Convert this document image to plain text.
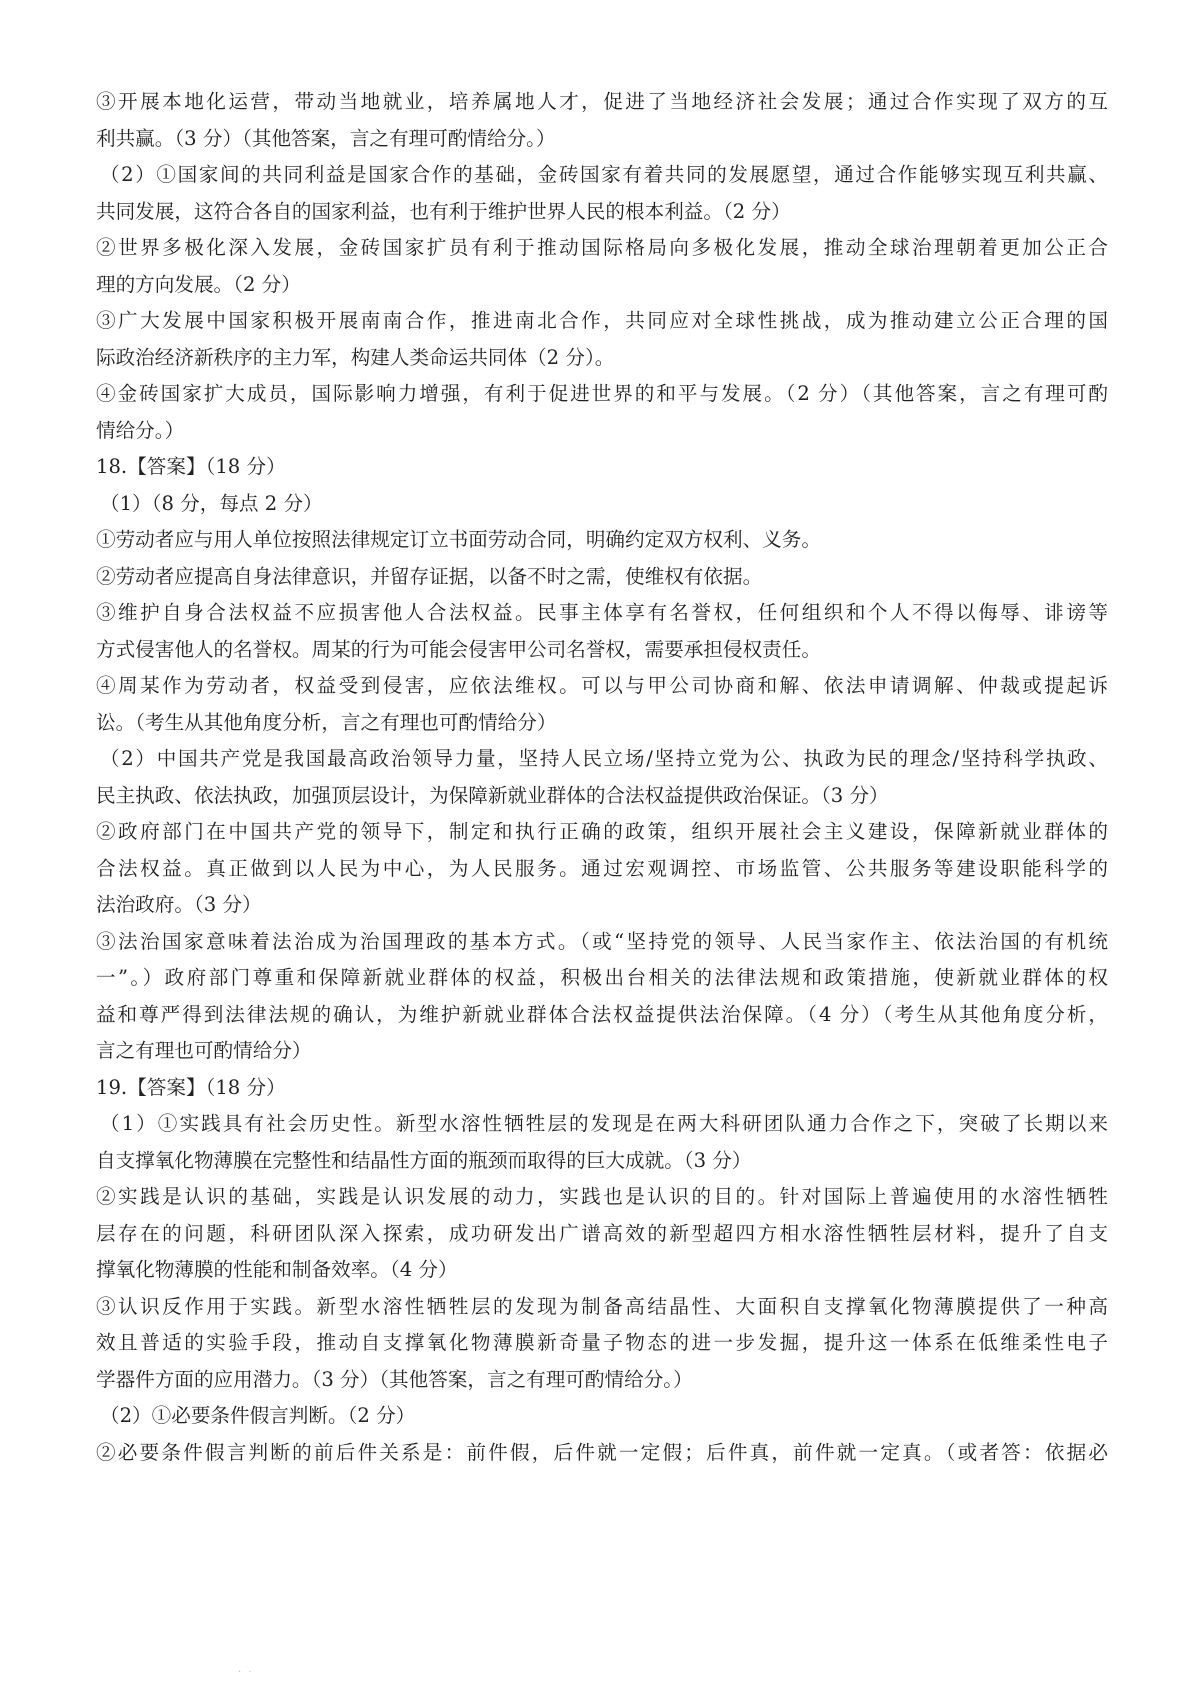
③开展本地化运营，带动当地就业，培养属地人才，促进了当地经济社会发展；通过合作实现了双方的互
利共赢。（3 分）（其他答案，言之有理可酌情给分。）
（2）①国家间的共同利益是国家合作的基础，金砖国家有着共同的发展愿望，通过合作能够实现互利共赢、
共同发展，这符合各自的国家利益，也有利于维护世界人民的根本利益。（2 分）
②世界多极化深入发展，金砖国家扩员有利于推动国际格局向多极化发展，推动全球治理朝着更加公正合
理的方向发展。（2 分）
③广大发展中国家积极开展南南合作，推进南北合作，共同应对全球性挑战，成为推动建立公正合理的国
际政治经济新秩序的主力军，构建人类命运共同体（2 分）。
④金砖国家扩大成员，国际影响力增强，有利于促进世界的和平与发展。（2 分）（其他答案，言之有理可酌
情给分。）
18.【答案】（18 分）
（1）（8 分，每点 2 分）
①劳动者应与用人单位按照法律规定订立书面劳动合同，明确约定双方权利、义务。
②劳动者应提高自身法律意识，并留存证据，以备不时之需，使维权有依据。
③维护自身合法权益不应损害他人合法权益。民事主体享有名誉权，任何组织和个人不得以侮辱、诽谤等
方式侵害他人的名誉权。周某的行为可能会侵害甲公司名誉权，需要承担侵权责任。
④周某作为劳动者，权益受到侵害，应依法维权。可以与甲公司协商和解、依法申请调解、仲裁或提起诉
讼。（考生从其他角度分析，言之有理也可酌情给分）
（2）中国共产党是我国最高政治领导力量，坚持人民立场/坚持立党为公、执政为民的理念/坚持科学执政、
民主执政、依法执政，加强顶层设计，为保障新就业群体的合法权益提供政治保证。（3 分）
②政府部门在中国共产党的领导下，制定和执行正确的政策，组织开展社会主义建设，保障新就业群体的
合法权益。真正做到以人民为中心，为人民服务。通过宏观调控、市场监管、公共服务等建设职能科学的
法治政府。（3 分）
③法治国家意味着法治成为治国理政的基本方式。（或“坚持党的领导、人民当家作主、依法治国的有机统
一”。）政府部门尊重和保障新就业群体的权益，积极出台相关的法律法规和政策措施，使新就业群体的权
益和尊严得到法律法规的确认，为维护新就业群体合法权益提供法治保障。（4 分）（考生从其他角度分析，
言之有理也可酌情给分）
19.【答案】（18 分）
（1）①实践具有社会历史性。新型水溶性牺牲层的发现是在两大科研团队通力合作之下，突破了长期以来
自支撑氧化物薄膜在完整性和结晶性方面的瓶颈而取得的巨大成就。（3 分）
②实践是认识的基础，实践是认识发展的动力，实践也是认识的目的。针对国际上普遍使用的水溶性牺牲
层存在的问题，科研团队深入探索，成功研发出广谱高效的新型超四方相水溶性牺牲层材料，提升了自支
撑氧化物薄膜的性能和制备效率。（4 分）
③认识反作用于实践。新型水溶性牺牲层的发现为制备高结晶性、大面积自支撑氧化物薄膜提供了一种高
效且普适的实验手段，推动自支撑氧化物薄膜新奇量子物态的进一步发掘，提升这一体系在低维柔性电子
学器件方面的应用潜力。（3 分）（其他答案，言之有理可酌情给分。）
（2）①必要条件假言判断。（2 分）
②必要条件假言判断的前后件关系是：前件假，后件就一定假；后件真，前件就一定真。（或者答：依据必
. .
